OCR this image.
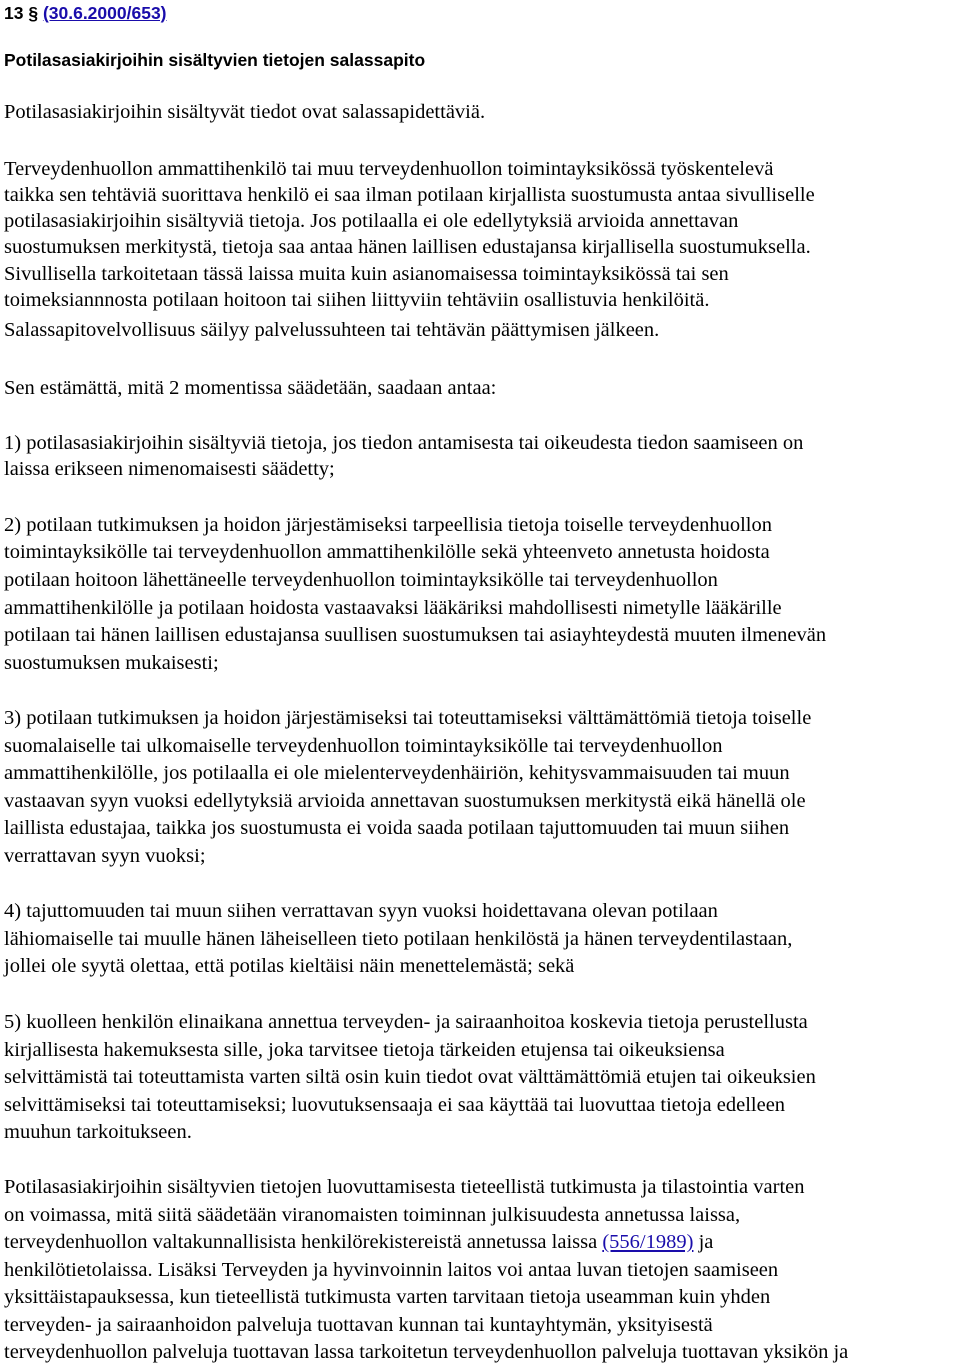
13 § (30.6.2000/653)
Potilasasiakirjoihin sisältyvien tietojen salassapito
Potilasasiakirjoihin sisältyvät tiedot ovat salassapidettäviä.
Terveydenhuollon ammattihenkilö tai muu terveydenhuollon toimintayksikössä työskentelevä
taikka sen tehtäviä suorittava henkilö ei saa ilman potilaan kirjallista suostumusta antaa sivulliselle
potilasasiakirjoihin sisältyviä tietoja. Jos potilaalla ei ole edellytyksiä arvioida annettavan
suostumuksen merkitystä, tietoja saa antaa hänen laillisen edustajansa kirjallisella suostumuksella.
Sivullisella tarkoitetaan tässä laissa muita kuin asianomaisessa toimintayksikössä tai sen
toimeksiannnosta potilaan hoitoon tai siihen liittyviin tehtäviin osallistuvia henkilöitä.
Salassapitovelvollisuus säilyy palvelussuhteen tai tehtävän päättymisen jälkeen.
Sen estämättä, mitä 2 momentissa säädetään, saadaan antaa:
1) potilasasiakirjoihin sisältyviä tietoja, jos tiedon antamisesta tai oikeudesta tiedon saamiseen on
laissa erikseen nimenomaisesti säädetty;
2) potilaan tutkimuksen ja hoidon järjestämiseksi tarpeellisia tietoja toiselle terveydenhuollon
toimintayksikölle tai terveydenhuollon ammattihenkilölle sekä yhteenveto annetusta hoidosta
potilaan hoitoon lähettäneelle terveydenhuollon toimintayksikölle tai terveydenhuollon
ammattihenkilölle ja potilaan hoidosta vastaavaksi lääkäriksi mahdollisesti nimetylle lääkärille
potilaan tai hänen laillisen edustajansa suullisen suostumuksen tai asiayhteydestä muuten ilmenevän
suostumuksen mukaisesti;
3) potilaan tutkimuksen ja hoidon järjestämiseksi tai toteuttamiseksi välttämättömiä tietoja toiselle
suomalaiselle tai ulkomaiselle terveydenhuollon toimintayksikölle tai terveydenhuollon
ammattihenkilölle, jos potilaalla ei ole mielenterveydenhäiriön, kehitysvammaisuuden tai muun
vastaavan syyn vuoksi edellytyksiä arvioida annettavan suostumuksen merkitystä eikä hänellä ole
laillista edustajaa, taikka jos suostumusta ei voida saada potilaan tajuttomuuden tai muun siihen
verrattavan syyn vuoksi;
4) tajuttomuuden tai muun siihen verrattavan syyn vuoksi hoidettavana olevan potilaan
lähiomaiselle tai muulle hänen läheiselleen tieto potilaan henkilöstä ja hänen terveydentilastaan,
jollei ole syytä olettaa, että potilas kieltäisi näin menettelemästä; sekä
5) kuolleen henkilön elinaikana annettua terveyden- ja sairaanhoitoa koskevia tietoja perustellusta
kirjallisesta hakemuksesta sille, joka tarvitsee tietoja tärkeiden etujensa tai oikeuksiensa
selvittämistä tai toteuttamista varten siltä osin kuin tiedot ovat välttämättömiä etujen tai oikeuksien
selvittämiseksi tai toteuttamiseksi; luovutuksensaaja ei saa käyttää tai luovuttaa tietoja edelleen
muuhun tarkoitukseen.
Potilasasiakirjoihin sisältyvien tietojen luovuttamisesta tieteellistä tutkimusta ja tilastointia varten
on voimassa, mitä siitä säädetään viranomaisten toiminnan julkisuudesta annetussa laissa,
terveydenhuollon valtakunnallisista henkilörekistereistä annetussa laissa (556/1989) ja
henkilötietolaissa. Lisäksi Terveyden ja hyvinvoinnin laitos voi antaa luvan tietojen saamiseen
yksittäistapauksessa, kun tieteellistä tutkimusta varten tarvitaan tietoja useamman kuin yhden
terveyden- ja sairaanhoidon palveluja tuottavan kunnan tai kuntayhtymän, yksityisestä
terveydenhuollon palveluja tuottavan lassa tarkoitetun terveydenhuollon palveluja tuottavan yksikön ja
